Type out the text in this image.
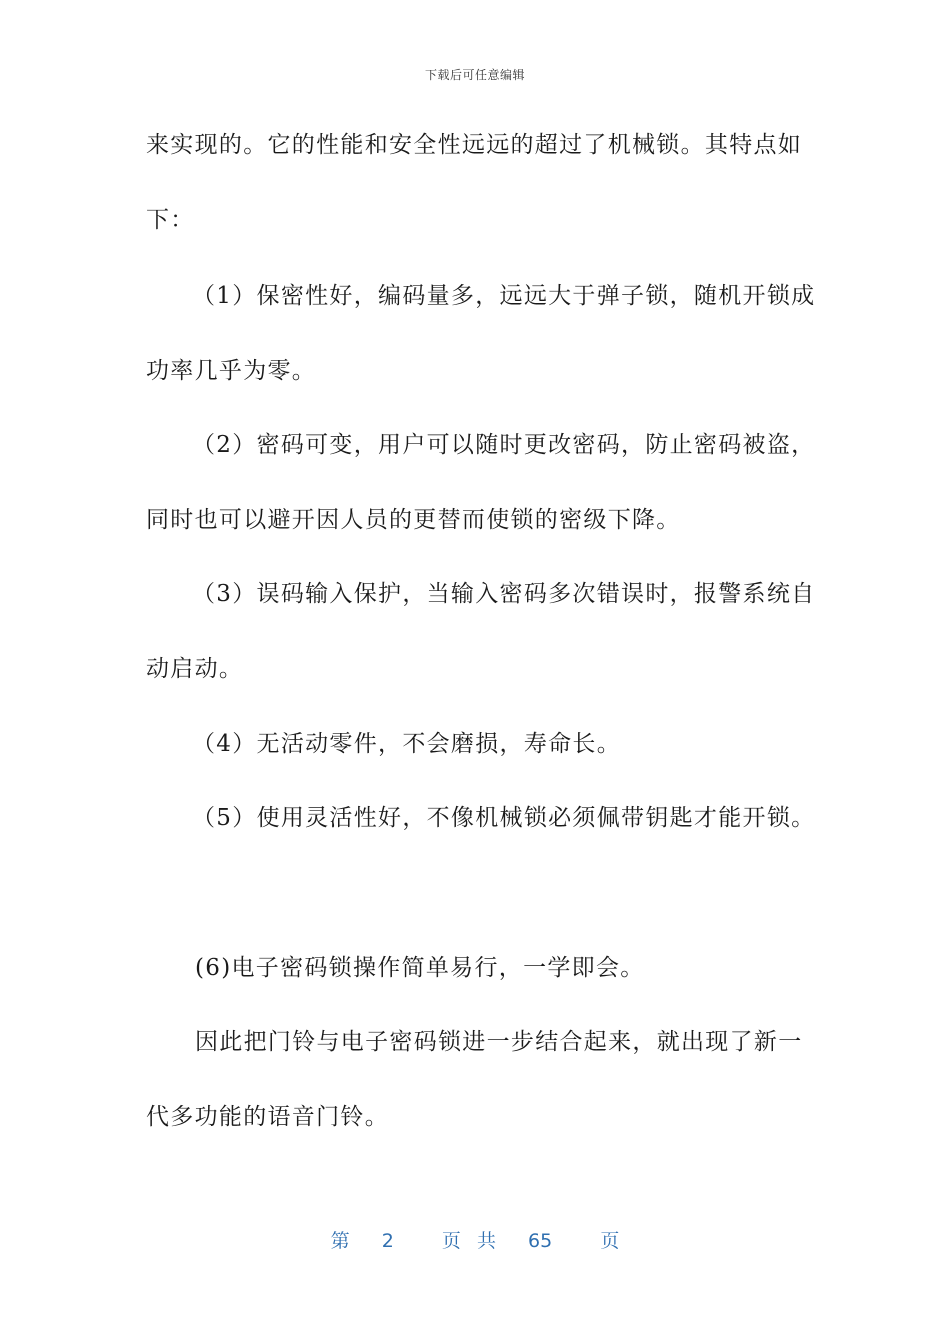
下载后可任意编辑
来实现的。它的性能和安全性远远的超过了机械锁。其特点如
下：
（1）保密性好，编码量多，远远大于弹子锁，随机开锁成
功率几乎为零。
（2）密码可变，用户可以随时更改密码，防止密码被盗，
同时也可以避开因人员的更替而使锁的密级下降。
（3）误码输入保护，当输入密码多次错误时，报警系统自
动启动。
（4）无活动零件，不会磨损，寿命长。
（5）使用灵活性好，不像机械锁必须佩带钥匙才能开锁。
(6)电子密码锁操作简单易行，一学即会。
因此把门铃与电子密码锁进一步结合起来，就出现了新一
代多功能的语音门铃。
第  2   页 共  65   页
